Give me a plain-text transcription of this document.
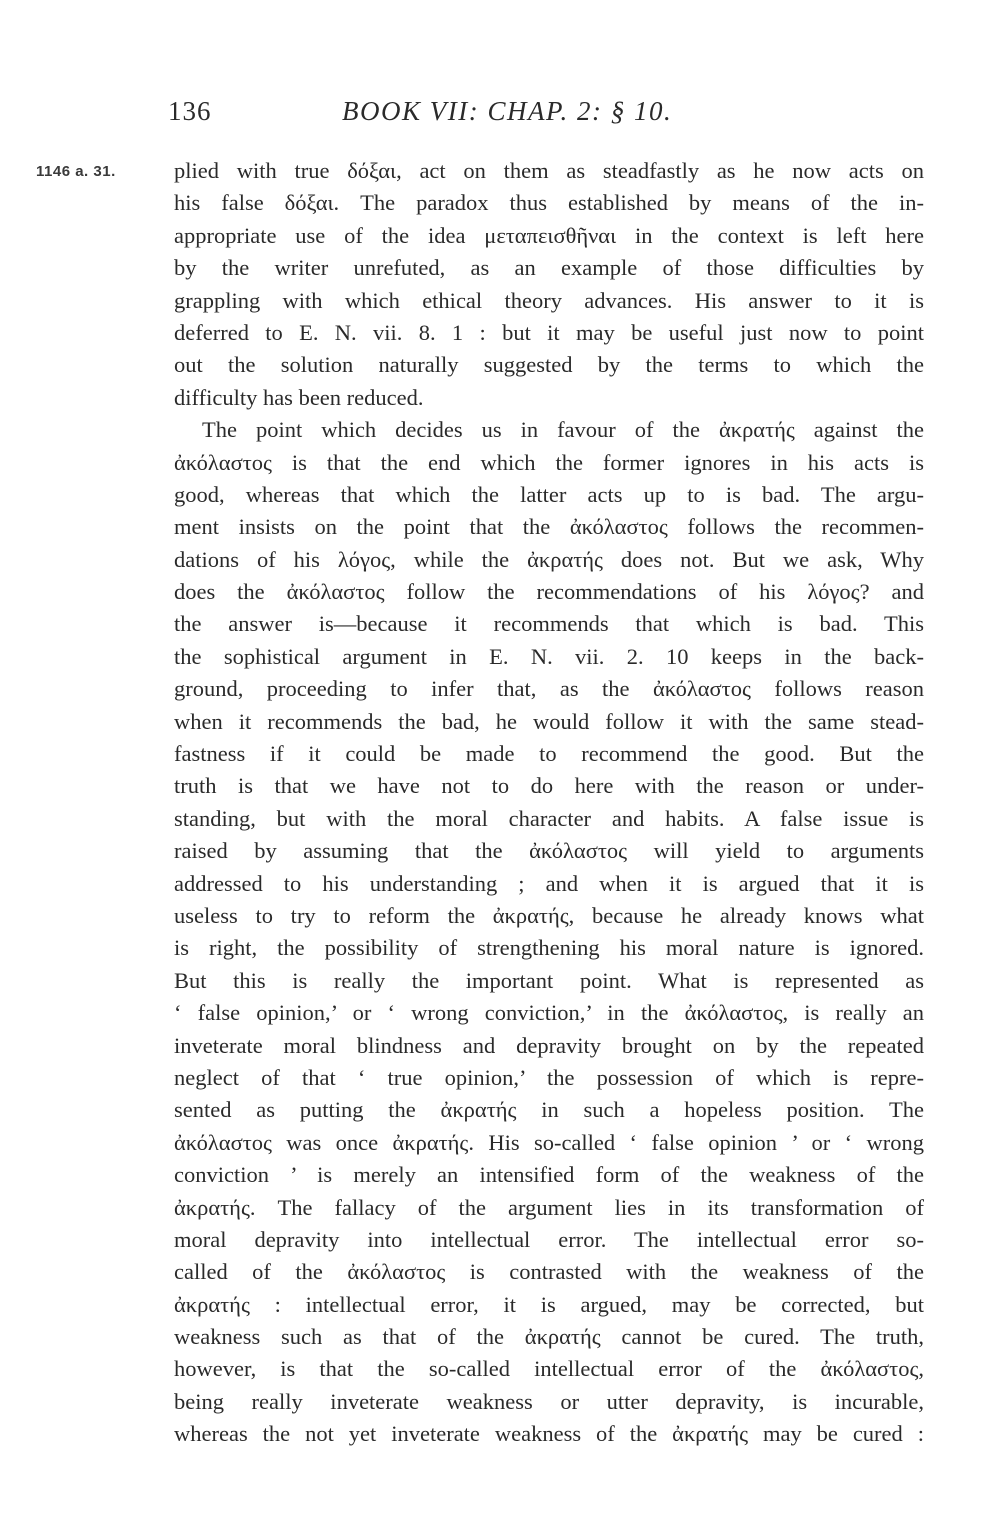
136	BOOK VII: CHAP. 2: § 10.
1146 a. 31.	plied with true δόξαι, act on them as steadfastly as he now acts on
his false δόξαι. The paradox thus established by means of the in-
appropriate use of the idea μεταπεισθῆναι in the context is left here
by the writer unrefuted, as an example of those difficulties by
grappling with which ethical theory advances. His answer to it is
deferred to E. N. vii. 8. 1 : but it may be useful just now to point
out the solution naturally suggested by the terms to which the
difficulty has been reduced.
The point which decides us in favour of the ἀκρατής against the
ἀκόλαστος is that the end which the former ignores in his acts is
good, whereas that which the latter acts up to is bad. The argu-
ment insists on the point that the ἀκόλαστος follows the recommen-
dations of his λόγος, while the ἀκρατής does not. But we ask, Why
does the ἀκόλαστος follow the recommendations of his λόγος? and
the answer is—because it recommends that which is bad. This
the sophistical argument in E. N. vii. 2. 10 keeps in the back-
ground, proceeding to infer that, as the ἀκόλαστος follows reason
when it recommends the bad, he would follow it with the same stead-
fastness if it could be made to recommend the good. But the
truth is that we have not to do here with the reason or under-
standing, but with the moral character and habits. A false issue is
raised by assuming that the ἀκόλαστος will yield to arguments
addressed to his understanding ; and when it is argued that it is
useless to try to reform the ἀκρατής, because he already knows what
is right, the possibility of strengthening his moral nature is ignored.
But this is really the important point. What is represented as
‘ false opinion,’ or ‘ wrong conviction,’ in the ἀκόλαστος, is really an
inveterate moral blindness and depravity brought on by the repeated
neglect of that ‘ true opinion,’ the possession of which is repre-
sented as putting the ἀκρατής in such a hopeless position. The
ἀκόλαστος was once ἀκρατής. His so-called ‘ false opinion ’ or ‘ wrong
conviction ’ is merely an intensified form of the weakness of the
ἀκρατής. The fallacy of the argument lies in its transformation of
moral depravity into intellectual error. The intellectual error so-
called of the ἀκόλαστος is contrasted with the weakness of the
ἀκρατής : intellectual error, it is argued, may be corrected, but
weakness such as that of the ἀκρατής cannot be cured. The truth,
however, is that the so-called intellectual error of the ἀκόλαστος,
being really inveterate weakness or utter depravity, is incurable,
whereas the not yet inveterate weakness of the ἀκρατής may be cured :
